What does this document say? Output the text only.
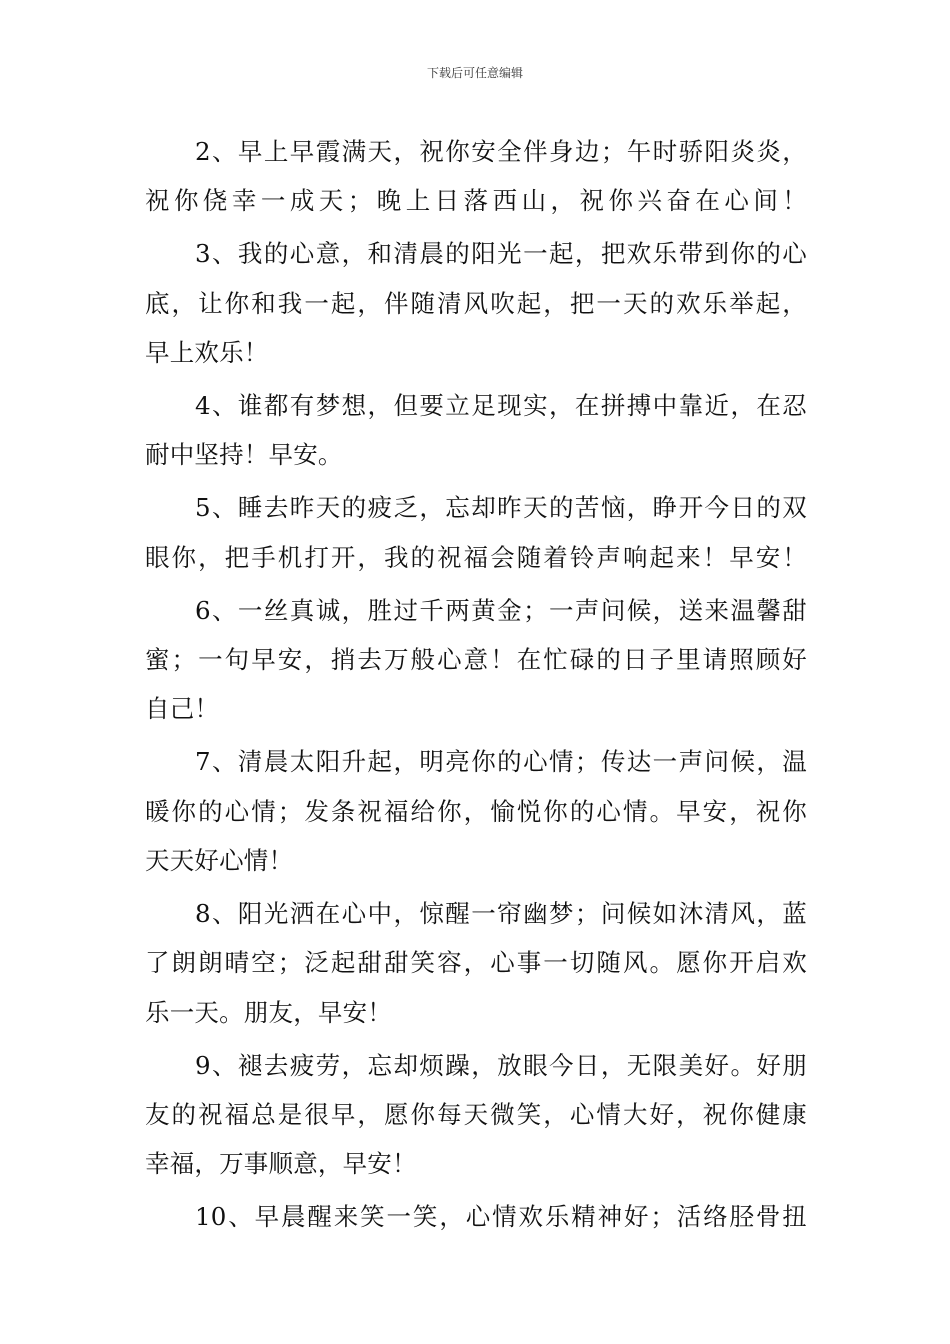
下载后可任意编辑
2、早上早霞满天，祝你安全伴身边；午时骄阳炎炎，
祝你侥幸一成天；晚上日落西山，祝你兴奋在心间！
3、我的心意，和清晨的阳光一起，把欢乐带到你的心
底，让你和我一起，伴随清风吹起，把一天的欢乐举起，
早上欢乐！
4、谁都有梦想，但要立足现实，在拼搏中靠近，在忍
耐中坚持！早安。
5、睡去昨天的疲乏，忘却昨天的苦恼，睁开今日的双
眼你，把手机打开，我的祝福会随着铃声响起来！早安！
6、一丝真诚，胜过千两黄金；一声问候，送来温馨甜
蜜；一句早安，捎去万般心意！在忙碌的日子里请照顾好
自己！
7、清晨太阳升起，明亮你的心情；传达一声问候，温
暖你的心情；发条祝福给你，愉悦你的心情。早安，祝你
天天好心情！
8、阳光洒在心中，惊醒一帘幽梦；问候如沐清风，蓝
了朗朗晴空；泛起甜甜笑容，心事一切随风。愿你开启欢
乐一天。朋友，早安！
9、褪去疲劳，忘却烦躁，放眼今日，无限美好。好朋
友的祝福总是很早，愿你每天微笑，心情大好，祝你健康
幸福，万事顺意，早安！
10、早晨醒来笑一笑，心情欢乐精神好；活络胫骨扭
